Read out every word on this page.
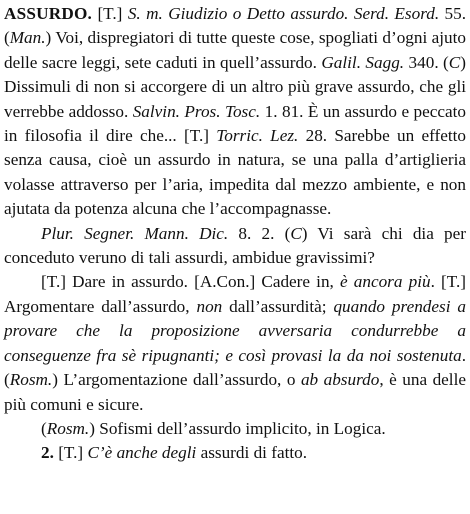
ASSURDO. [T.] S. m. Giudizio o Detto assurdo. Serd. Esord. 55. (Man.) Voi, dispregiatori di tutte queste cose, spogliati d’ogni ajuto delle sacre leggi, sete caduti in quell’assurdo. Galil. Sagg. 340. (C) Dissimuli di non si accorgere di un altro più grave assurdo, che gli verrebbe addosso. Salvin. Pros. Tosc. 1. 81. È un assurdo e peccato in filosofia il dire che... [T.] Torric. Lez. 28. Sarebbe un effetto senza causa, cioè un assurdo in natura, se una palla d’artiglieria volasse attraverso per l’aria, impedita dal mezzo ambiente, e non ajutata da potenza alcuna che l’accompagnasse.

Plur. Segner. Mann. Dic. 8. 2. (C) Vi sarà chi dia per conceduto veruno di tali assurdi, ambidue gravissimi?

[T.] Dare in assurdo. [A.Con.] Cadere in, è ancora più. [T.] Argomentare dall’assurdo, non dall’assurdità; quando prendesi a provare che la proposizione avversaria condurrebbe a conseguenze fra sè ripugnanti; e così provasi la da noi sostenuta. (Rosm.) L’argomentazione dall’assurdo, o ab absurdo, è una delle più comuni e sicure.

(Rosm.) Sofismi dell’assurdo implicito, in Logica.

2. [T.] C’è anche degli assurdi di fatto.
